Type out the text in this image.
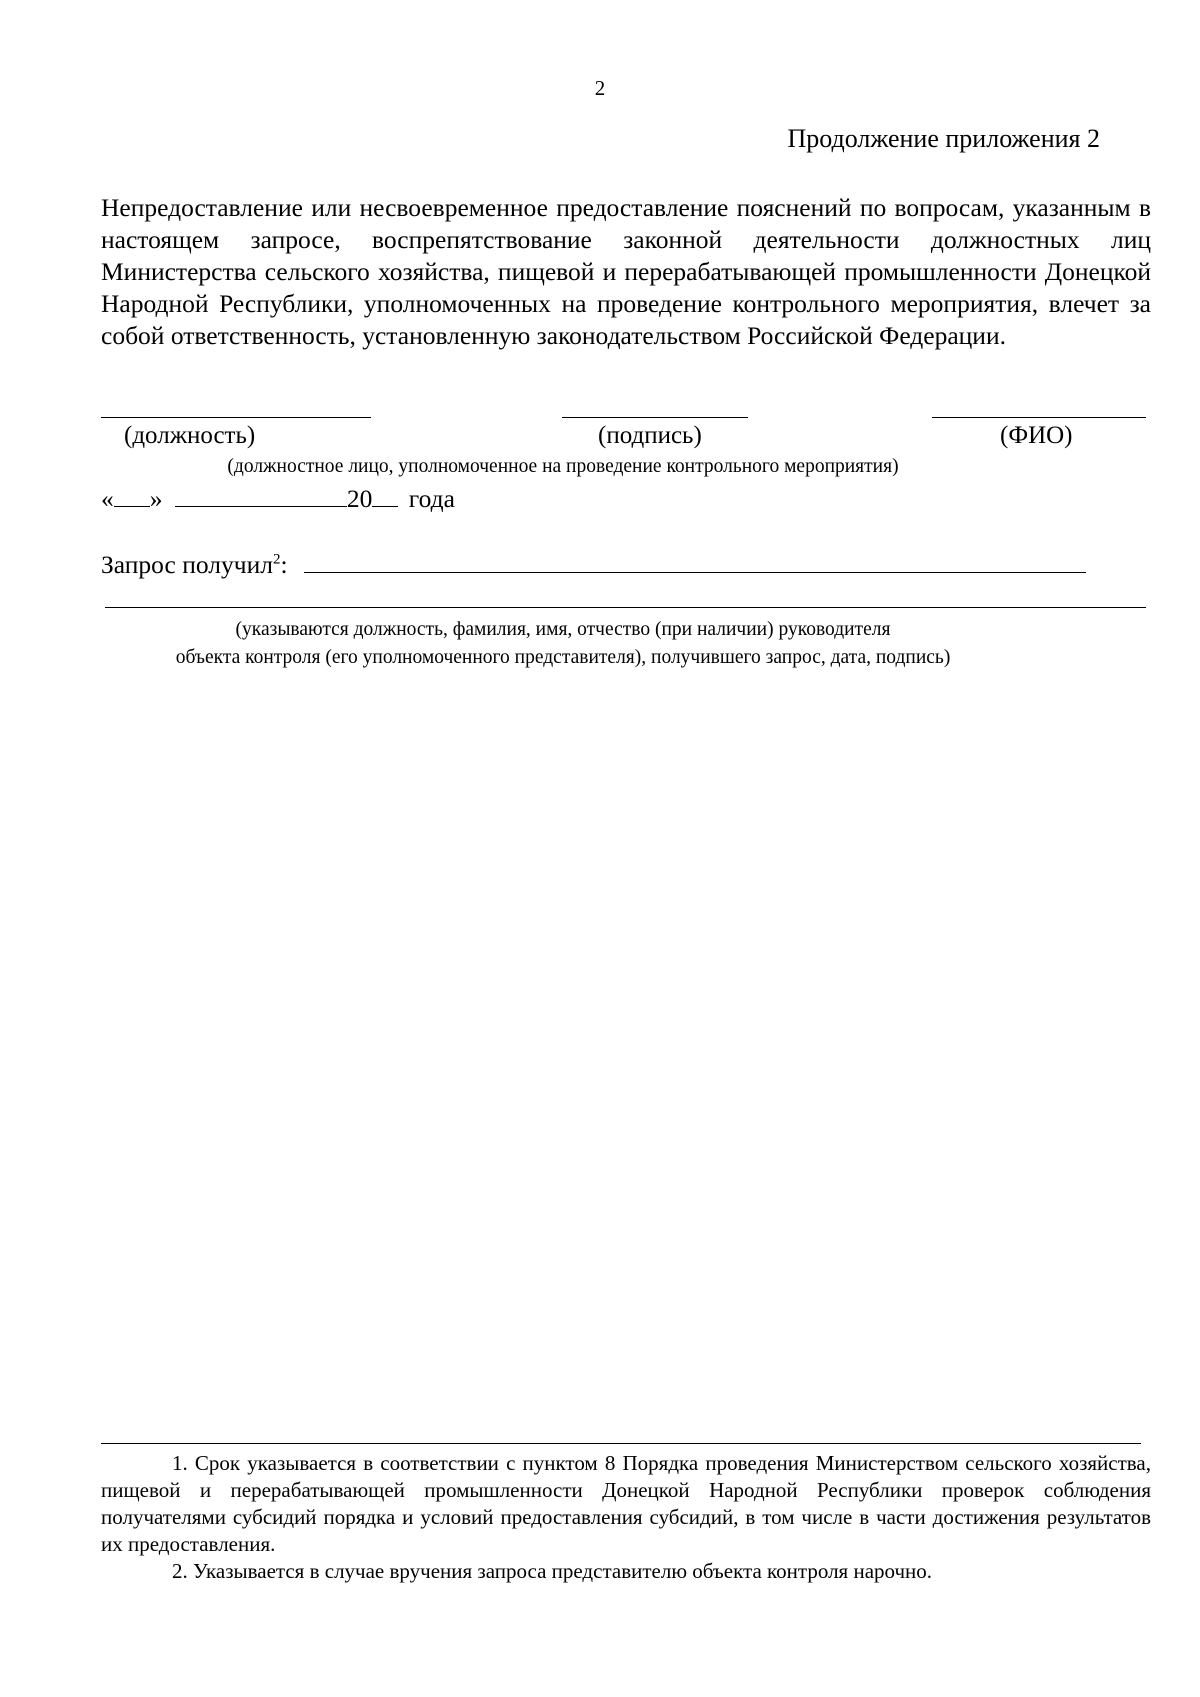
2
Продолжение приложения 2
Непредоставление или несвоевременное предоставление пояснений по вопросам, указанным в настоящем запросе, воспрепятствование законной деятельности должностных лиц Министерства сельского хозяйства, пищевой и перерабатывающей промышленности Донецкой Народной Республики, уполномоченных на проведение контрольного мероприятия, влечет за собой ответственность, установленную законодательством Российской Федерации.
(должность)	(подпись)	(ФИО)
(должностное лицо, уполномоченное на проведение контрольного мероприятия)
« »	20 года
Запрос получил$^2$:
(указываются должность, фамилия, имя, отчество (при наличии) руководителя
объекта контроля (его уполномоченного представителя), получившего запрос, дата, подпись)

1. Срок указывается в соответствии с пунктом 8 Порядка проведения Министерством сельского хозяйства, пищевой и перерабатывающей промышленности Донецкой Народной Республики проверок соблюдения получателями субсидий порядка и условий предоставления субсидий, в том числе в части достижения результатов их предоставления.

2. Указывается в случае вручения запроса представителю объекта контроля нарочно.
